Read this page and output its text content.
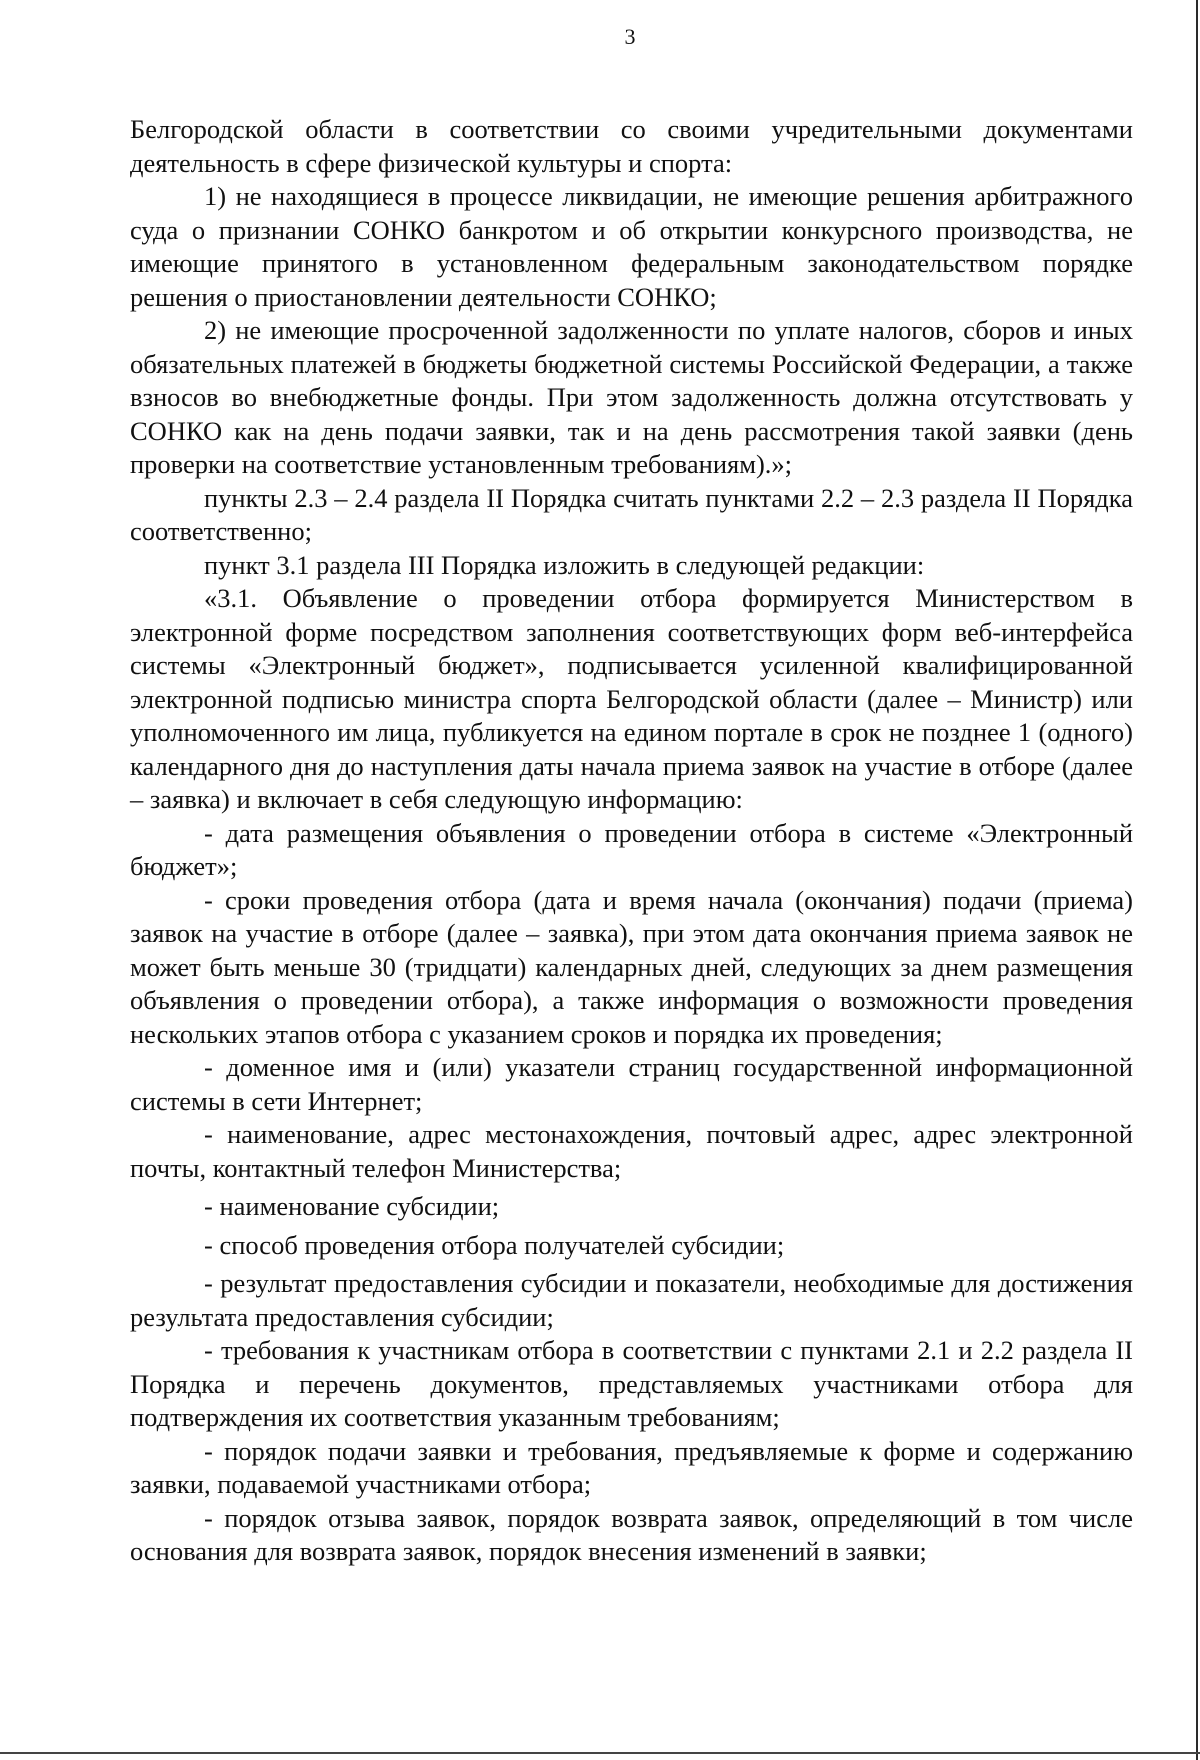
3

Белгородской области в соответствии со своими учредительными документами деятельность в сфере физической культуры и спорта:

1) не находящиеся в процессе ликвидации, не имеющие решения арбитражного суда о признании СОНКО банкротом и об открытии конкурсного производства, не имеющие принятого в установленном федеральным законодательством порядке решения о приостановлении деятельности СОНКО;

2) не имеющие просроченной задолженности по уплате налогов, сборов и иных обязательных платежей в бюджеты бюджетной системы Российской Федерации, а также взносов во внебюджетные фонды. При этом задолженность должна отсутствовать у СОНКО как на день подачи заявки, так и на день рассмотрения такой заявки (день проверки на соответствие установленным требованиям).»;

пункты 2.3 – 2.4 раздела II Порядка считать пунктами 2.2 – 2.3 раздела II Порядка соответственно;

пункт 3.1 раздела III Порядка изложить в следующей редакции:

«3.1. Объявление о проведении отбора формируется Министерством в электронной форме посредством заполнения соответствующих форм веб-интерфейса системы «Электронный бюджет», подписывается усиленной квалифицированной электронной подписью министра спорта Белгородской области (далее – Министр) или уполномоченного им лица, публикуется на едином портале в срок не позднее 1 (одного) календарного дня до наступления даты начала приема заявок на участие в отборе (далее – заявка) и включает в себя следующую информацию:

- дата размещения объявления о проведении отбора в системе «Электронный бюджет»;

- сроки проведения отбора (дата и время начала (окончания) подачи (приема) заявок на участие в отборе (далее – заявка), при этом дата окончания приема заявок не может быть меньше 30 (тридцати) календарных дней, следующих за днем размещения объявления о проведении отбора), а также информация о возможности проведения нескольких этапов отбора с указанием сроков и порядка их проведения;

- доменное имя и (или) указатели страниц государственной информационной системы в сети Интернет;

- наименование, адрес местонахождения, почтовый адрес, адрес электронной почты, контактный телефон Министерства;

- наименование субсидии;

- способ проведения отбора получателей субсидии;

- результат предоставления субсидии и показатели, необходимые для достижения результата предоставления субсидии;

- требования к участникам отбора в соответствии с пунктами 2.1 и 2.2 раздела II Порядка и перечень документов, представляемых участниками отбора для подтверждения их соответствия указанным требованиям;

- порядок подачи заявки и требования, предъявляемые к форме и содержанию заявки, подаваемой участниками отбора;

- порядок отзыва заявок, порядок возврата заявок, определяющий в том числе основания для возврата заявок, порядок внесения изменений в заявки;
